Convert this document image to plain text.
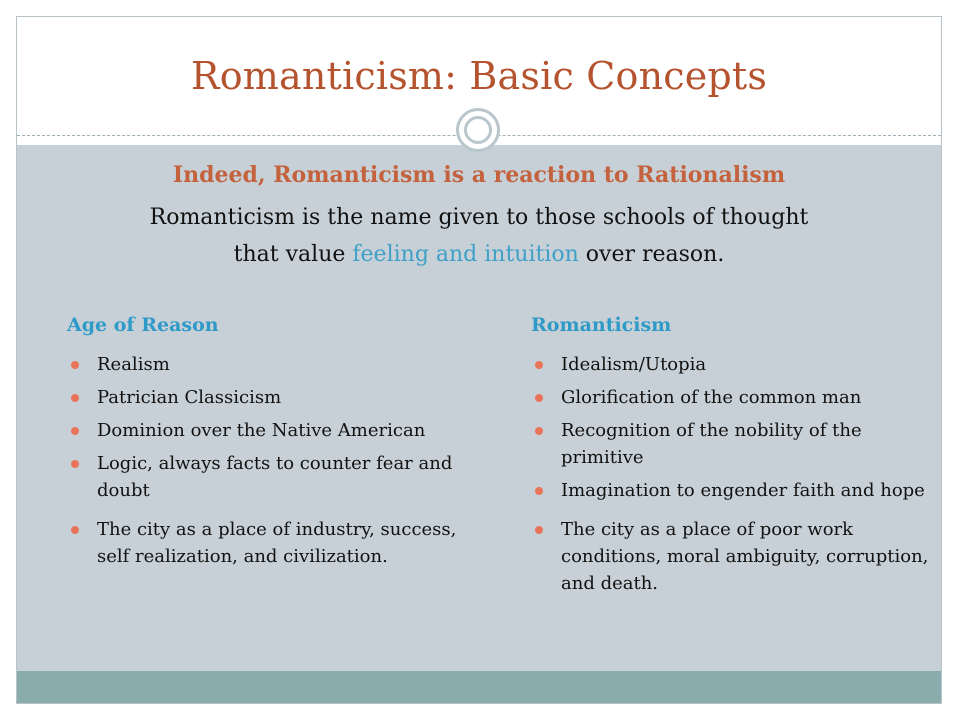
Romanticism: Basic Concepts
Indeed, Romanticism is a reaction to Rationalism
Romanticism is the name given to those schools of thought
that value feeling and intuition over reason.
Age of Reason
Realism
Patrician Classicism
Dominion over the Native American
Logic, always facts to counter fear and doubt
The city as a place of industry, success, self realization, and civilization.
Romanticism
Idealism/Utopia
Glorification of the common man
Recognition of the nobility of the primitive
Imagination to engender faith and hope
The city as a place of poor work conditions, moral ambiguity, corruption, and death.
